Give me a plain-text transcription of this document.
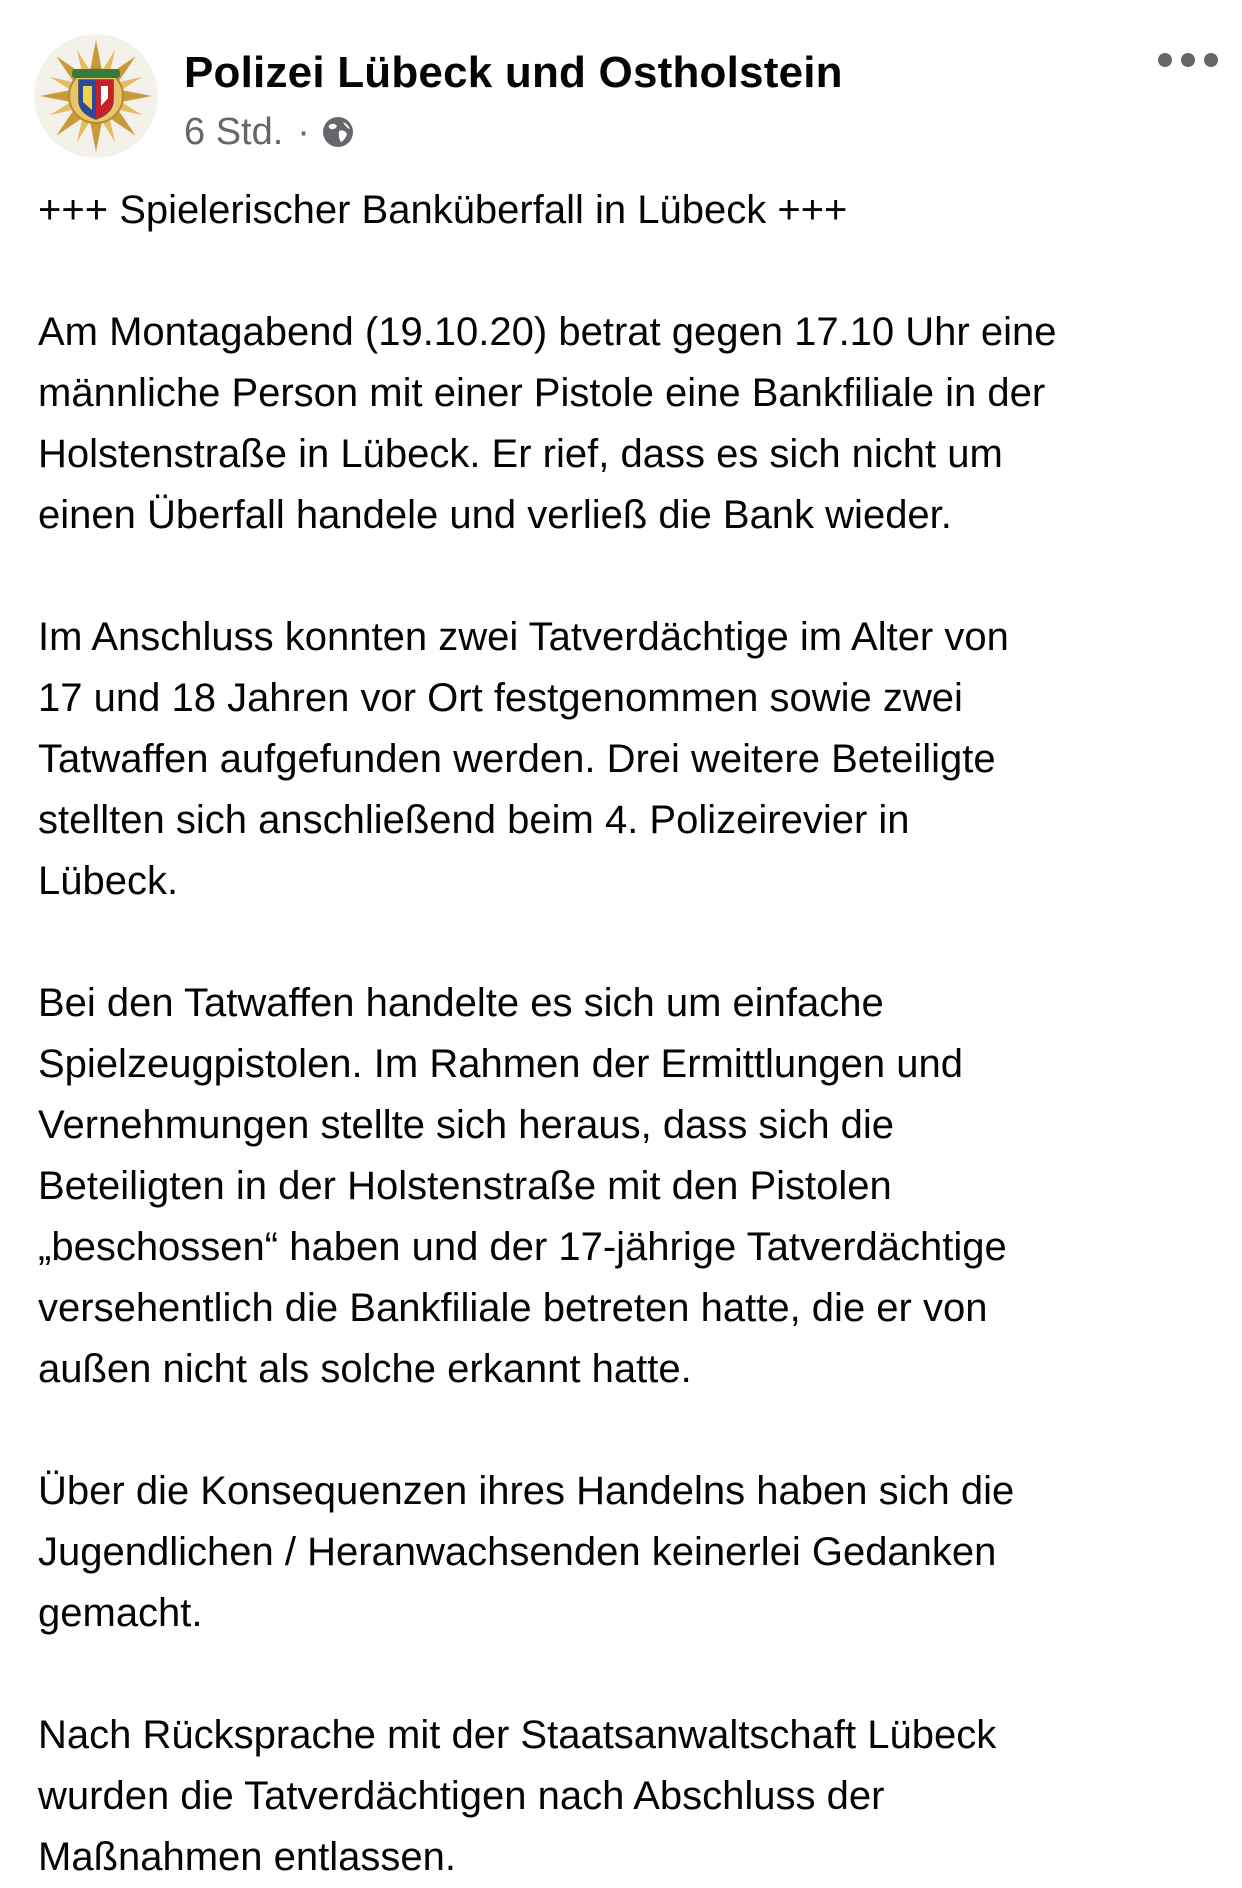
Polizei Lübeck und Ostholstein
6 Std. ·

+++ Spielerischer Banküberfall in Lübeck +++

Am Montagabend (19.10.20) betrat gegen 17.10 Uhr eine

männliche Person mit einer Pistole eine Bankfiliale in der

Holstenstraße in Lübeck. Er rief, dass es sich nicht um

einen Überfall handele und verließ die Bank wieder.

Im Anschluss konnten zwei Tatverdächtige im Alter von

17 und 18 Jahren vor Ort festgenommen sowie zwei

Tatwaffen aufgefunden werden. Drei weitere Beteiligte

stellten sich anschließend beim 4. Polizeirevier in

Lübeck.

Bei den Tatwaffen handelte es sich um einfache

Spielzeugpistolen. Im Rahmen der Ermittlungen und

Vernehmungen stellte sich heraus, dass sich die

Beteiligten in der Holstenstraße mit den Pistolen

„beschossen“ haben und der 17-jährige Tatverdächtige

versehentlich die Bankfiliale betreten hatte, die er von

außen nicht als solche erkannt hatte.

Über die Konsequenzen ihres Handelns haben sich die

Jugendlichen / Heranwachsenden keinerlei Gedanken

gemacht.

Nach Rücksprache mit der Staatsanwaltschaft Lübeck

wurden die Tatverdächtigen nach Abschluss der

Maßnahmen entlassen.
